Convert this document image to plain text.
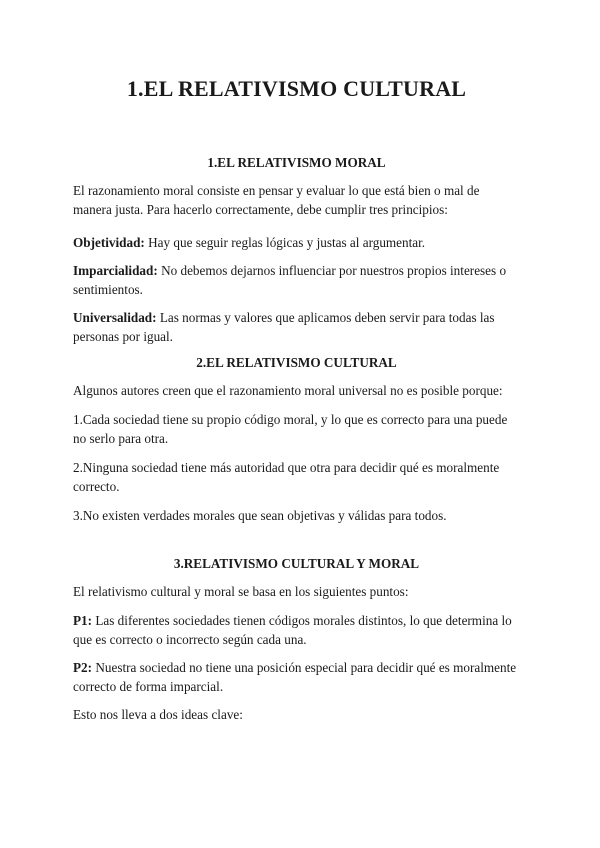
1.EL RELATIVISMO CULTURAL
1.EL RELATIVISMO MORAL

El razonamiento moral consiste en pensar y evaluar lo que está bien o mal de manera justa. Para hacerlo correctamente, debe cumplir tres principios:

Objetividad: Hay que seguir reglas lógicas y justas al argumentar.

Imparcialidad: No debemos dejarnos influenciar por nuestros propios intereses o sentimientos.

Universalidad: Las normas y valores que aplicamos deben servir para todas las personas por igual.

2.EL RELATIVISMO CULTURAL

Algunos autores creen que el razonamiento moral universal no es posible porque:

1.Cada sociedad tiene su propio código moral, y lo que es correcto para una puede no serlo para otra.

2.Ninguna sociedad tiene más autoridad que otra para decidir qué es moralmente correcto.

3.No existen verdades morales que sean objetivas y válidas para todos.

3.RELATIVISMO CULTURAL Y MORAL

El relativismo cultural y moral se basa en los siguientes puntos:

P1: Las diferentes sociedades tienen códigos morales distintos, lo que determina lo que es correcto o incorrecto según cada una.

P2: Nuestra sociedad no tiene una posición especial para decidir qué es moralmente correcto de forma imparcial.

Esto nos lleva a dos ideas clave:
